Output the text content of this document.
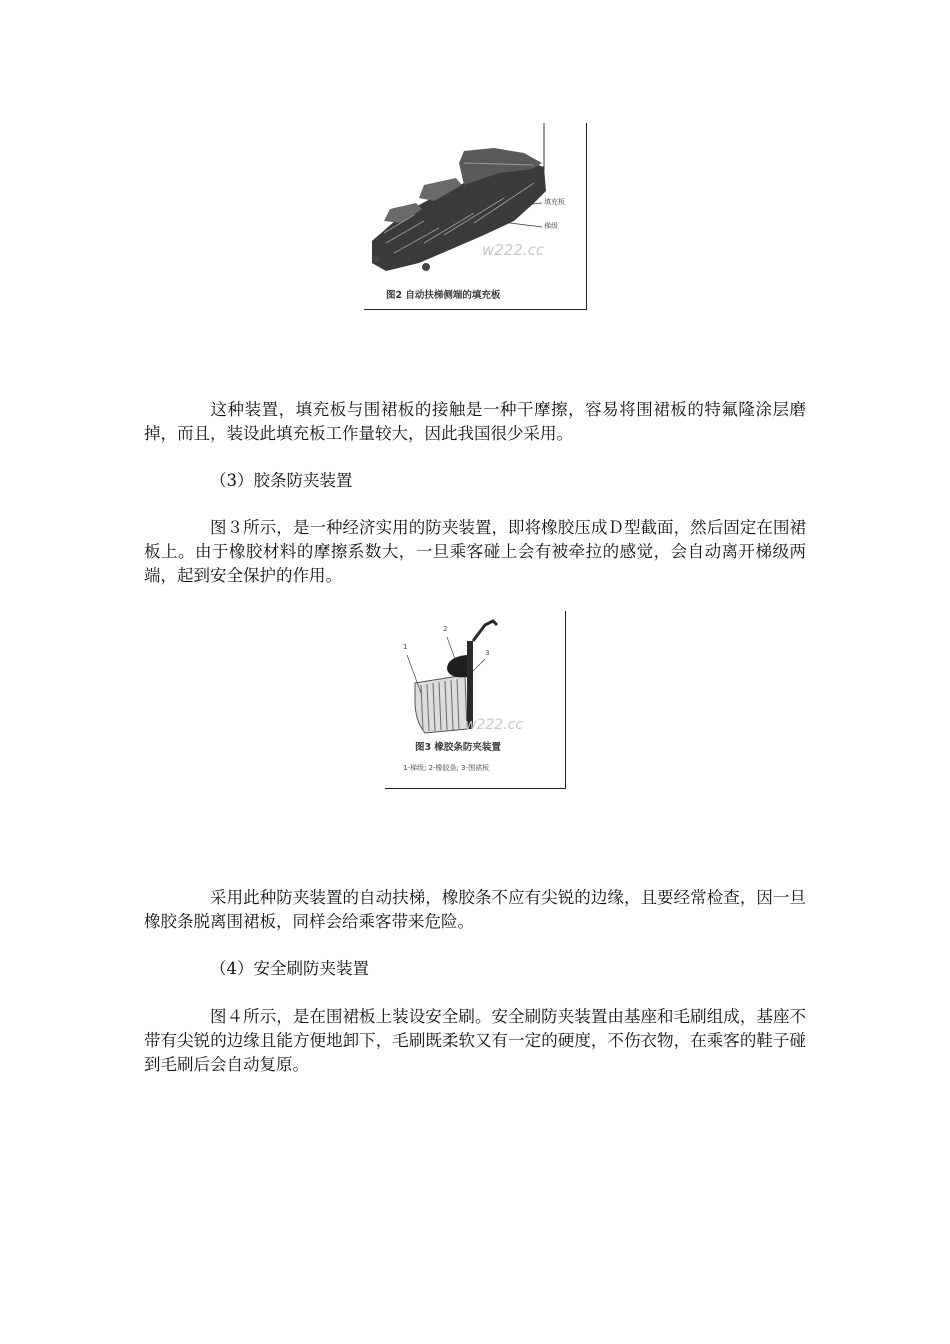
填充板
梯级
w222.cc
图2 自动扶梯侧端的填充板

这种装置，填充板与围裙板的接触是一种干摩擦，容易将围裙板的特氟隆涂层磨掉，而且，装设此填充板工作量较大，因此我国很少采用。

（3）胶条防夹装置

图３所示，是一种经济实用的防夹装置，即将橡胶压成Ｄ型截面，然后固定在围裙板上。由于橡胶材料的摩擦系数大，一旦乘客碰上会有被牵拉的感觉，会自动离开梯级两端，起到安全保护的作用。

1
2
3
w222.cc
图3 橡胶条防夹装置
1-梯级; 2-橡胶条; 3-围裙板

采用此种防夹装置的自动扶梯，橡胶条不应有尖锐的边缘，且要经常检查，因一旦橡胶条脱离围裙板，同样会给乘客带来危险。

（4）安全刷防夹装置

图４所示，是在围裙板上装设安全刷。安全刷防夹装置由基座和毛刷组成，基座不带有尖锐的边缘且能方便地卸下，毛刷既柔软又有一定的硬度，不伤衣物，在乘客的鞋子碰到毛刷后会自动复原。
